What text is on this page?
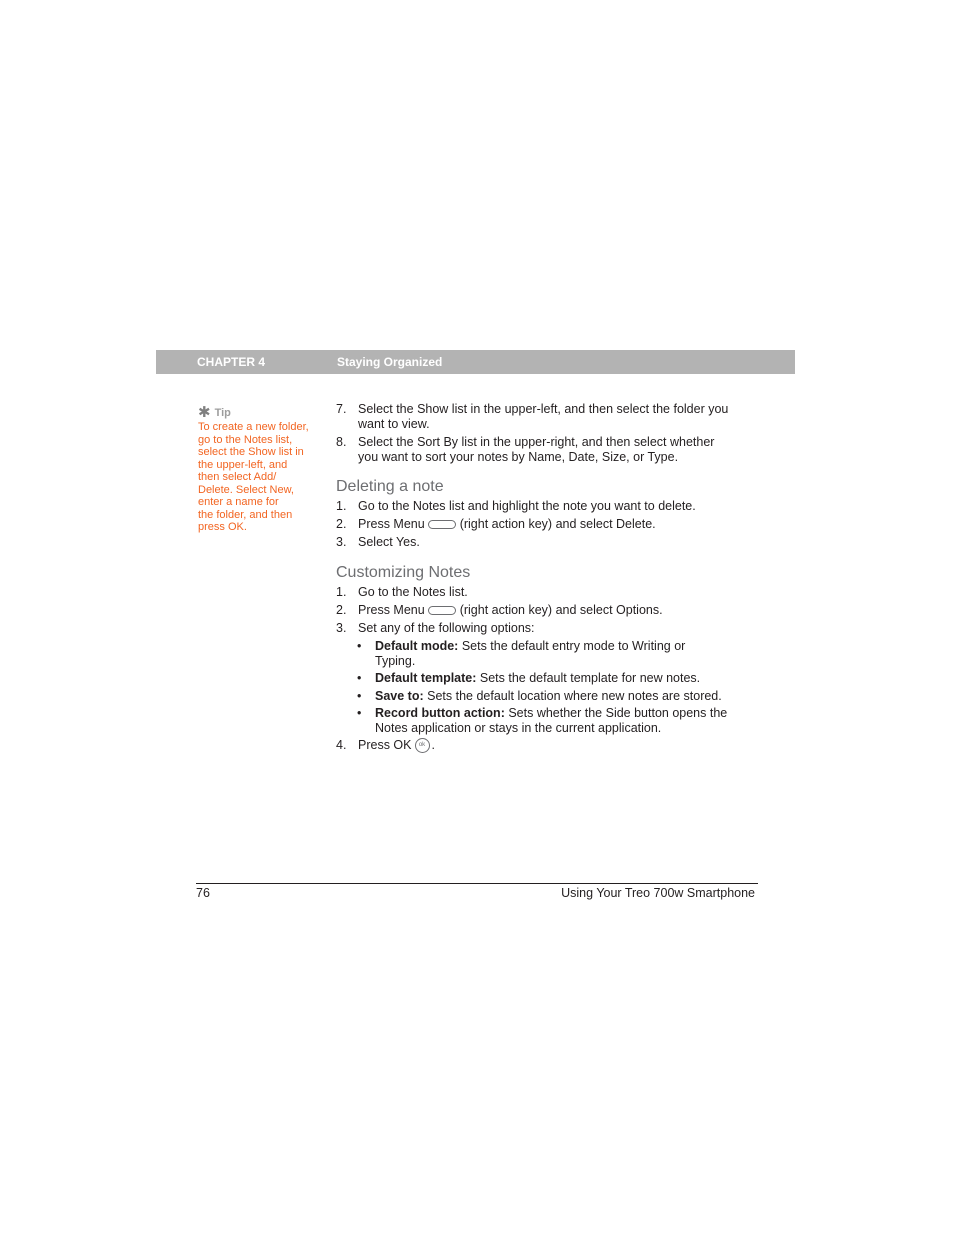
CHAPTER 4	Staying Organized
✱ Tip
To create a new folder,
go to the Notes list,
select the Show list in
the upper-left, and
then select Add/
Delete. Select New,
enter a name for
the folder, and then
press OK.
7. Select the Show list in the upper-left, and then select the folder you
want to view.
8. Select the Sort By list in the upper-right, and then select whether
you want to sort your notes by Name, Date, Size, or Type.
Deleting a note
1. Go to the Notes list and highlight the note you want to delete.
2. Press Menu	(right action key) and select Delete.
3. Select Yes.
Customizing Notes
1. Go to the Notes list.
2. Press Menu	(right action key) and select Options.
3. Set any of the following options:
• Default mode: Sets the default entry mode to Writing or
Typing.
• Default template: Sets the default template for new notes.
• Save to: Sets the default location where new notes are stored.
• Record button action: Sets whether the Side button opens the
Notes application or stays in the current application.
4. Press OK ok .
76	Using Your Treo 700w Smartphone
